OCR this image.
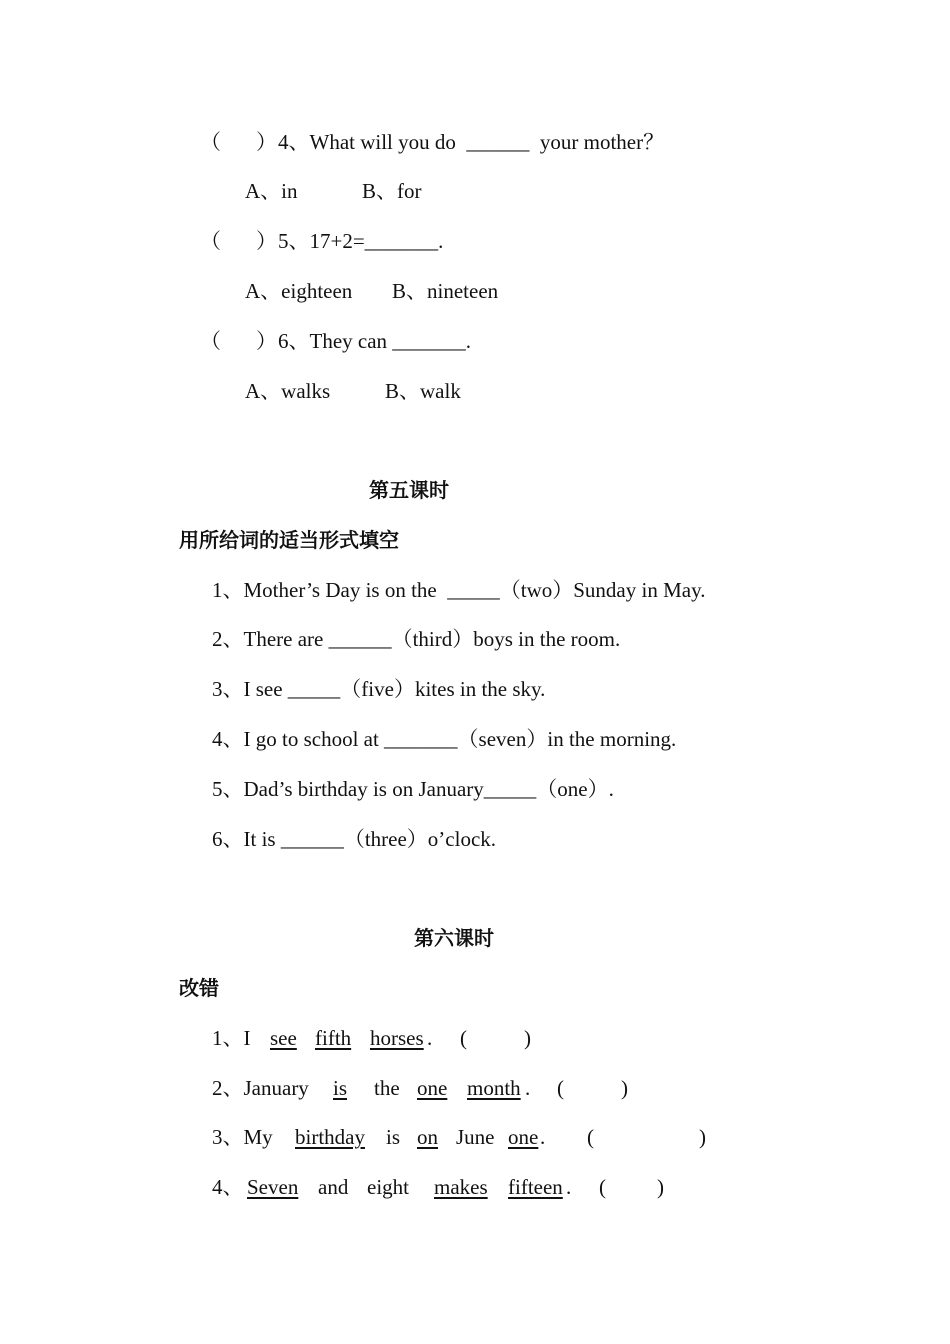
（ ） 4、What will you do  ______  your mother？
A、in	B、for
（ ） 5、17+2=_______.
A、eighteen B、nineteen
（ ） 6、They can _______.
A、walks	B、walk
第五课时
用所给词的适当形式填空
1、Mother’s Day is on the  _____（two）Sunday in May.
2、There are ______（third）boys in the room.
3、I see _____（five）kites in the sky.
4、I go to school at _______（seven）in the morning.
5、Dad’s birthday is on January_____（one）.
6、It is ______（three）o’clock.
第六课时
改错
1、I see fifth horses . (	)
2、January is the one month . (	)
3、My birthday is on June one . (	)
4、 Seven and eight makes fifteen . ( )
